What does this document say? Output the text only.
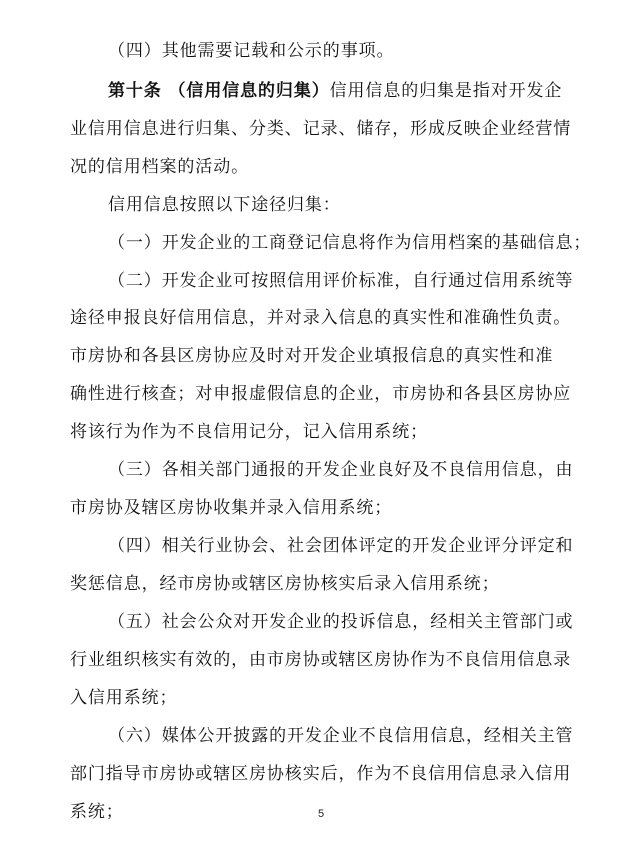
（四）其他需要记载和公示的事项。
第十条 （信用信息的归集）信用信息的归集是指对开发企
业信用信息进行归集、分类、记录、储存，形成反映企业经营情
况的信用档案的活动。
信用信息按照以下途径归集：
（一）开发企业的工商登记信息将作为信用档案的基础信息；
（二）开发企业可按照信用评价标准，自行通过信用系统等
途径申报良好信用信息，并对录入信息的真实性和准确性负责。
市房协和各县区房协应及时对开发企业填报信息的真实性和准
确性进行核查；对申报虚假信息的企业，市房协和各县区房协应
将该行为作为不良信用记分，记入信用系统；
（三）各相关部门通报的开发企业良好及不良信用信息，由
市房协及辖区房协收集并录入信用系统；
（四）相关行业协会、社会团体评定的开发企业评分评定和
奖惩信息，经市房协或辖区房协核实后录入信用系统；
（五）社会公众对开发企业的投诉信息，经相关主管部门或
行业组织核实有效的，由市房协或辖区房协作为不良信用信息录
入信用系统；
（六）媒体公开披露的开发企业不良信用信息，经相关主管
部门指导市房协或辖区房协核实后，作为不良信用信息录入信用
系统；	5
